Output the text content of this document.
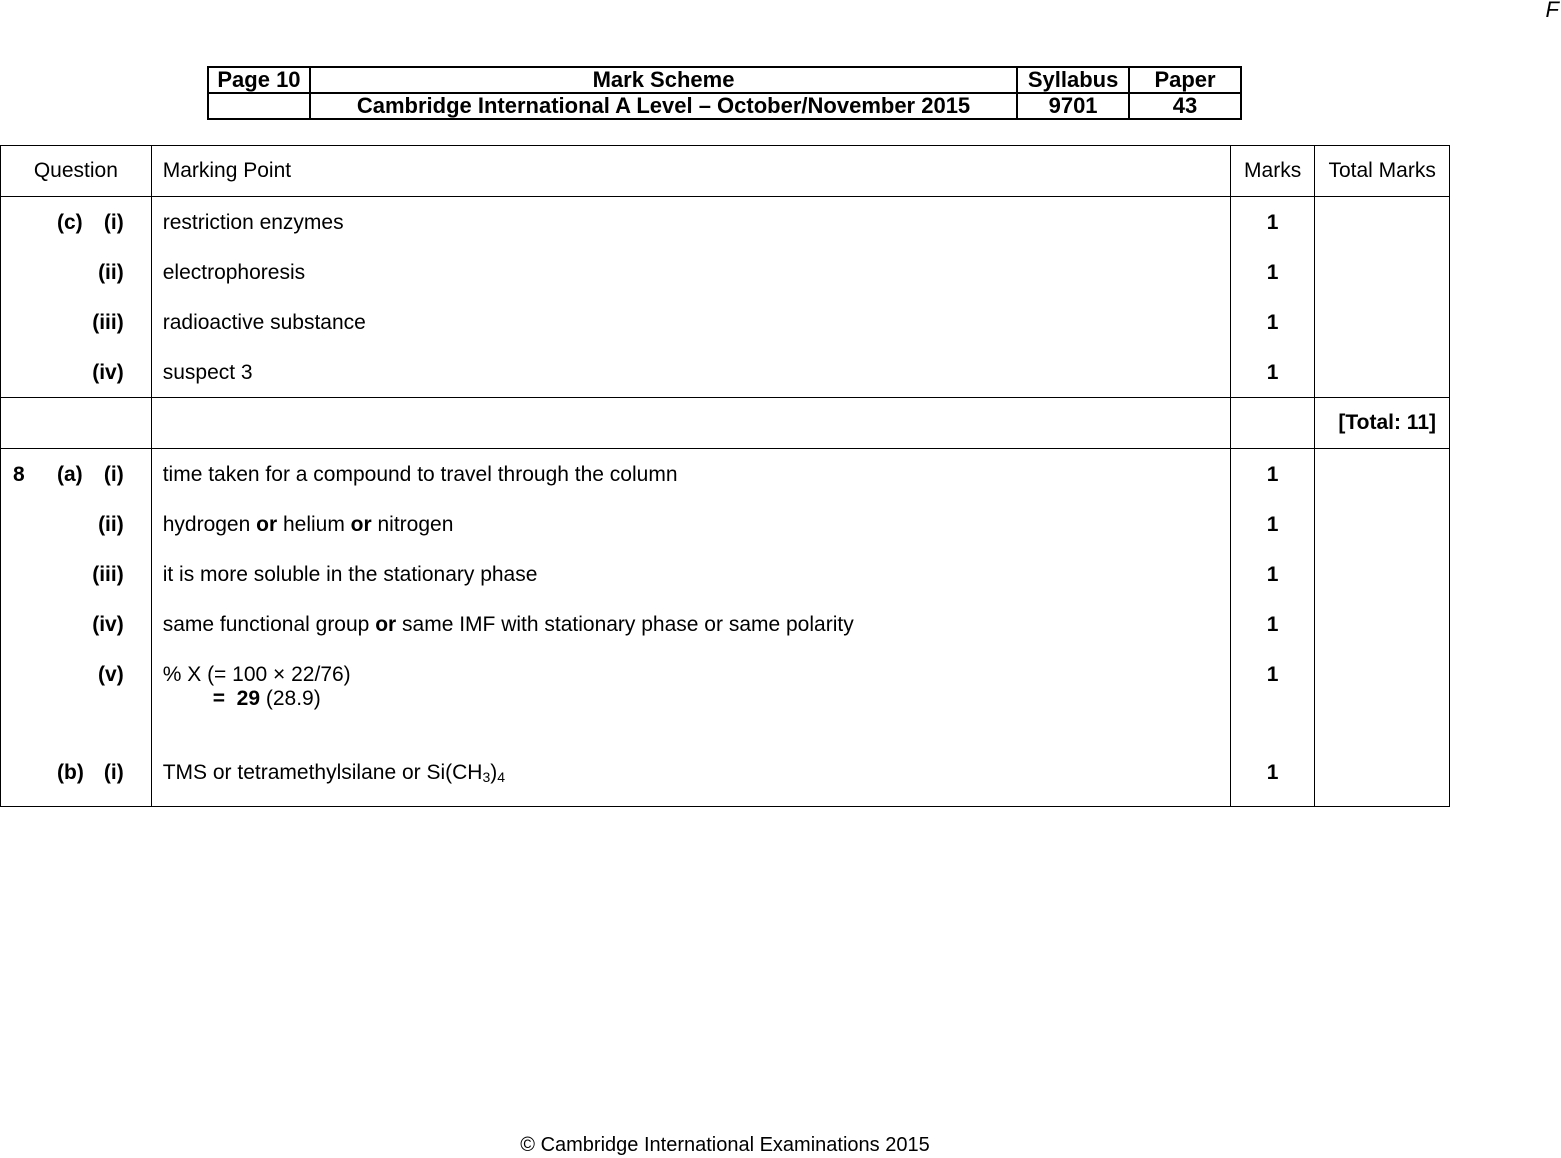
F
Page 10	Mark Scheme	Syllabus	Paper
	Cambridge International A Level – October/November 2015	9701	43
Question	Marking Point	Marks	Total Marks

(c) (i)	restriction enzymes	1	

(ii)	electrophoresis	1	

(iii)	radioactive substance	1	

(iv)	suspect 3	1	
			[Total: 11]

8 (a) (i)	time taken for a compound to travel through the column	1	

(ii)	hydrogen or helium or nitrogen	1	

(iii)	it is more soluble in the stationary phase	1	

(iv)	same functional group or same IMF with stationary phase or same polarity	1	

(v)	% X (= 100 × 22/76)
= 29 (28.9)	1	

(b) (i)	TMS or tetramethylsilane or $Si(CH_3)_4$	1	
© Cambridge International Examinations 2015
